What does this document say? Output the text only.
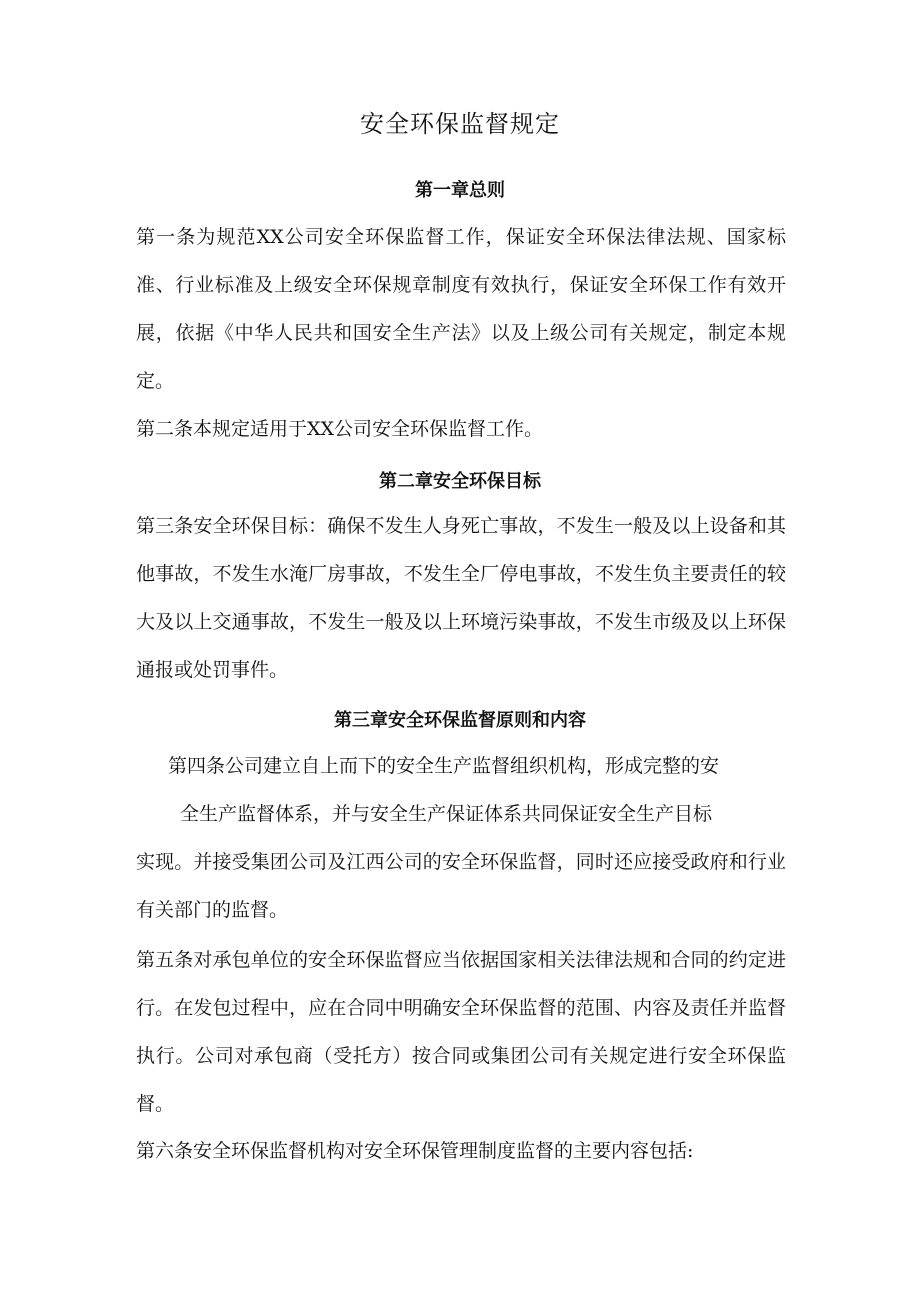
安全环保监督规定
第一章总则

第一条为规范XX公司安全环保监督工作，保证安全环保法律法规、国家标准、行业标准及上级安全环保规章制度有效执行，保证安全环保工作有效开展，依据《中华人民共和国安全生产法》以及上级公司有关规定，制定本规定。

第二条本规定适用于XX公司安全环保监督工作。

第二章安全环保目标

第三条安全环保目标：确保不发生人身死亡事故，不发生一般及以上设备和其他事故，不发生水淹厂房事故，不发生全厂停电事故，不发生负主要责任的较大及以上交通事故，不发生一般及以上环境污染事故，不发生市级及以上环保通报或处罚事件。

第三章安全环保监督原则和内容

第四条公司建立自上而下的安全生产监督组织机构，形成完整的安

全生产监督体系，并与安全生产保证体系共同保证安全生产目标

实现。并接受集团公司及江西公司的安全环保监督，同时还应接受政府和行业有关部门的监督。

第五条对承包单位的安全环保监督应当依据国家相关法律法规和合同的约定进行。在发包过程中，应在合同中明确安全环保监督的范围、内容及责任并监督执行。公司对承包商（受托方）按合同或集团公司有关规定进行安全环保监督。

第六条安全环保监督机构对安全环保管理制度监督的主要内容包括:
